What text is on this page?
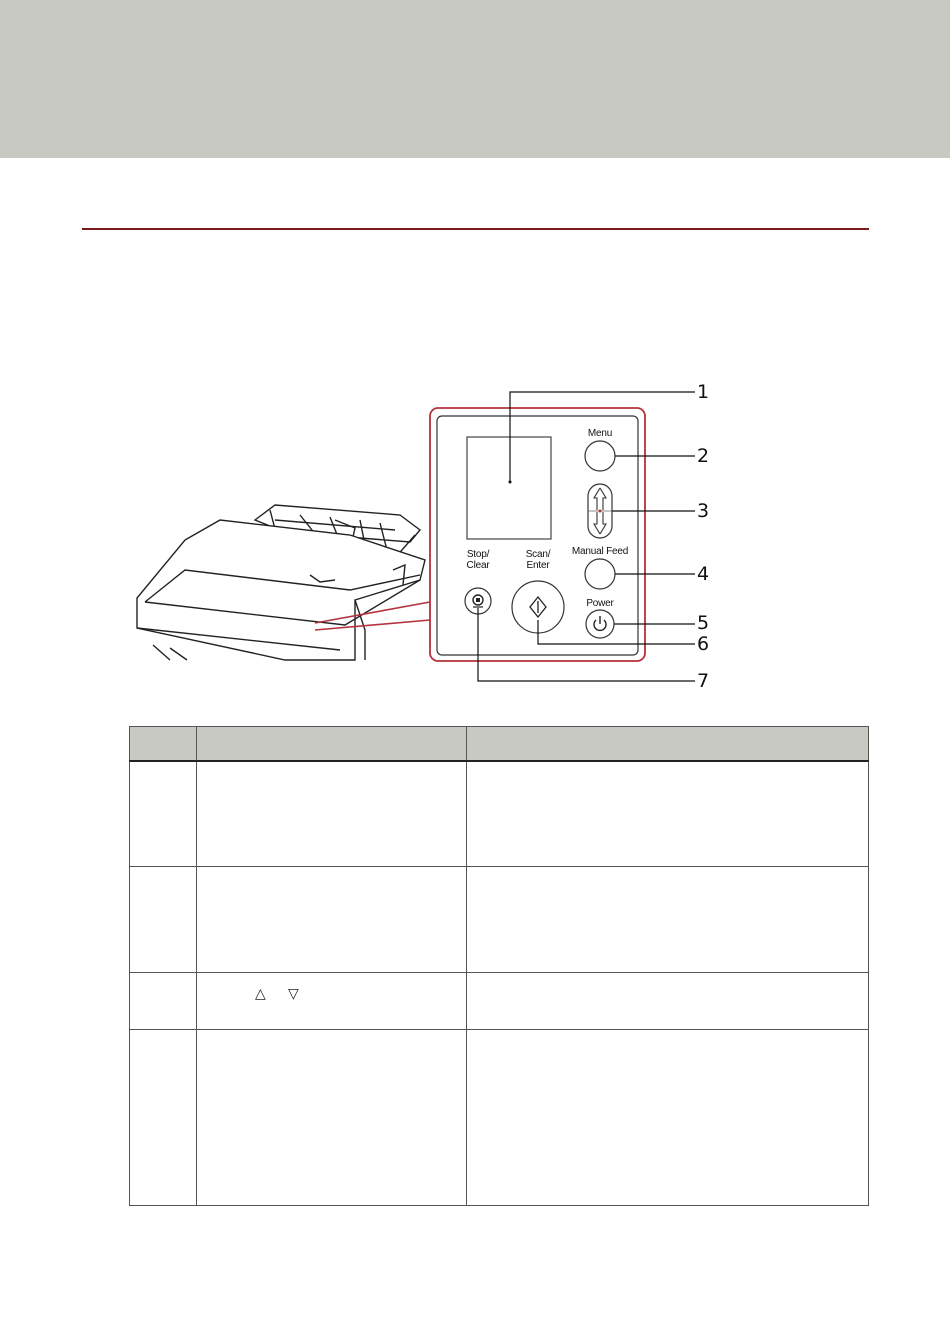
Menu
Manual Feed
Power
Stop/
Clear
Scan/
Enter
1
2
3
4
5
6
7

	△ ▽	
